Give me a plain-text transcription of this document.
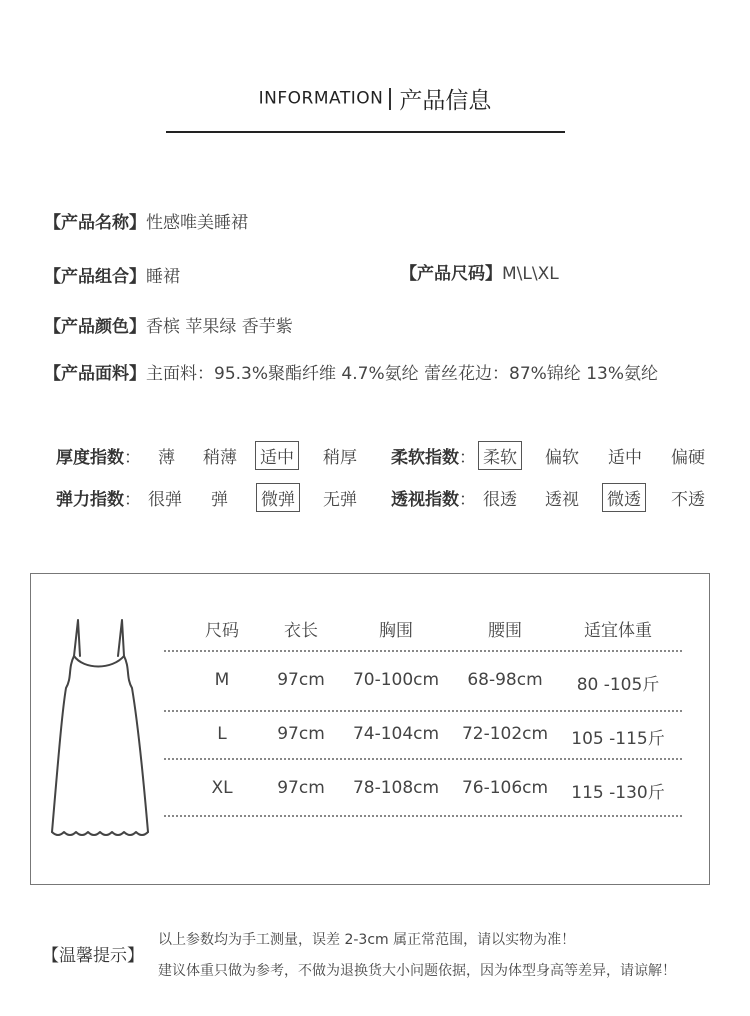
INFORMATION 产品信息
【产品名称】性感唯美睡裙
【产品组合】睡裙	【产品尺码】M\L\XL
【产品颜色】香槟 苹果绿 香芋紫
【产品面料】主面料：95.3%聚酯纤维 4.7%氨纶 蕾丝花边：87%锦纶 13%氨纶
厚度指数： 薄 稍薄 适中 稍厚 柔软指数： 柔软 偏软 适中 偏硬
弹力指数： 很弹 弹 微弹 无弹 透视指数： 很透 透视 微透 不透
尺码	衣长	胸围	腰围	适宜体重
M	97cm	70-100cm	68-98cm	80 -105斤
L	97cm	74-104cm 72-102cm 105 -115斤
XL	97cm	78-108cm 76-106cm 115 -130斤
【温馨提示】
以上参数均为手工测量，误差 2-3cm 属正常范围，请以实物为准！
建议体重只做为参考，不做为退换货大小问题依据，因为体型身高等差异，请谅解！
